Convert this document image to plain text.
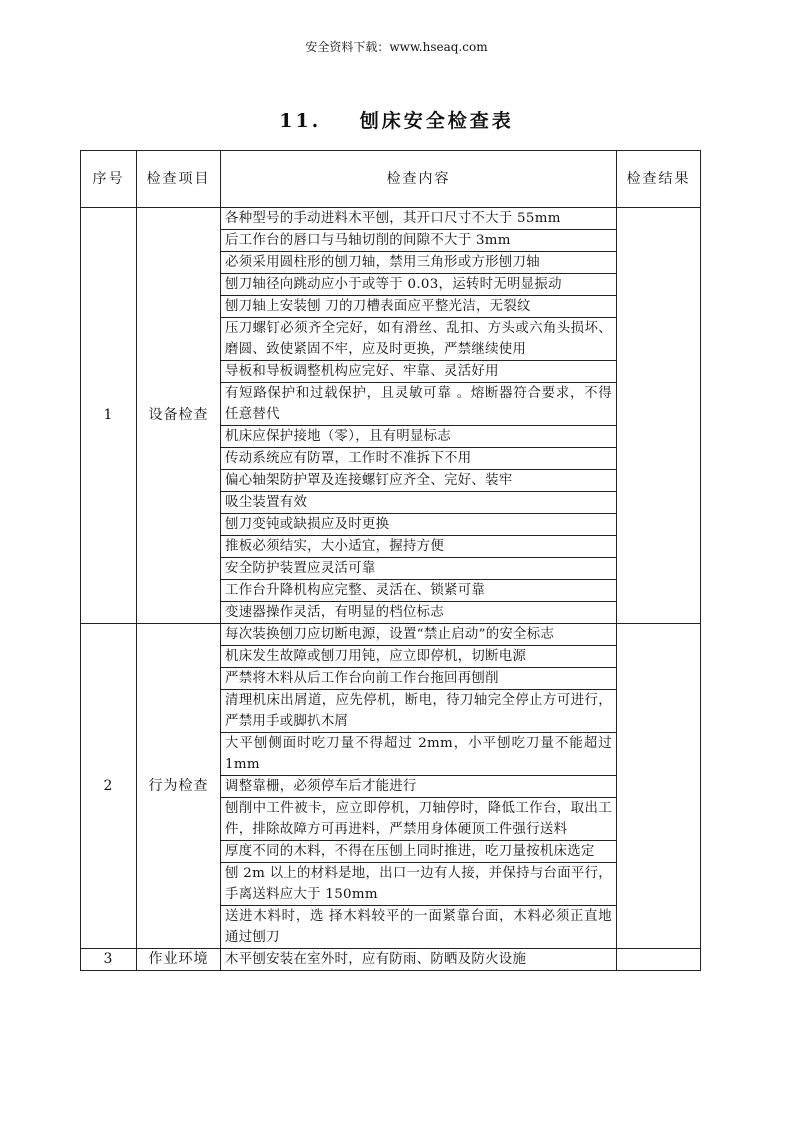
安全资料下载：www.hseaq.com
11. 刨床安全检查表
序号	检查项目	检查内容	检查结果
1	设备检查	各种型号的手动进料木平刨，其开口尺寸不大于 55mm	
		后工作台的唇口与马轴切削的间隙不大于 3mm	
		必须采用圆柱形的刨刀轴，禁用三角形或方形刨刀轴	
		刨刀轴径向跳动应小于或等于 0.03，运转时无明显振动	
		刨刀轴上安装刨 刀的刀槽表面应平整光洁，无裂纹	
		压刀螺钉必须齐全完好，如有滑丝、乱扣、方头或六角头损坏、磨圆、致使紧固不牢，应及时更换，严禁继续使用	
		导板和导板调整机构应完好、牢靠、灵活好用	
		有短路保护和过载保护，且灵敏可靠 。熔断器符合要求，不得任意替代	
		机床应保护接地（零），且有明显标志	
		传动系统应有防罩，工作时不准拆下不用	
		偏心轴架防护罩及连接螺钉应齐全、完好、装牢	
		吸尘装置有效	
		刨刀变钝或缺损应及时更换	
		推板必须结实，大小适宜，握持方便	
		安全防护装置应灵活可靠	
		工作台升降机构应完整、灵活在、锁紧可靠	
		变速器操作灵活，有明显的档位标志	
2	行为检查	每次装换刨刀应切断电源，设置“禁止启动”的安全标志	
		机床发生故障或刨刀用钝，应立即停机，切断电源	
		严禁将木料从后工作台向前工作台拖回再刨削	
		清理机床出屑道，应先停机，断电，待刀轴完全停止方可进行，严禁用手或脚扒木屑	
		大平刨侧面时吃刀量不得超过 2mm，小平刨吃刀量不能超过 1mm	
		调整靠栅，必须停车后才能进行	
		刨削中工件被卡，应立即停机，刀轴停时，降低工作台，取出工件，排除故障方可再进料，严禁用身体硬顶工件强行送料	
		厚度不同的木料，不得在压刨上同时推进，吃刀量按机床选定	
		刨 2m 以上的材料是地，出口一边有人接，并保持与台面平行，手离送料应大于 150mm	
		送进木料时，选 择木料较平的一面紧靠台面，木料必须正直地通过刨刀	
3	作业环境	木平刨安装在室外时，应有防雨、防晒及防火设施	
